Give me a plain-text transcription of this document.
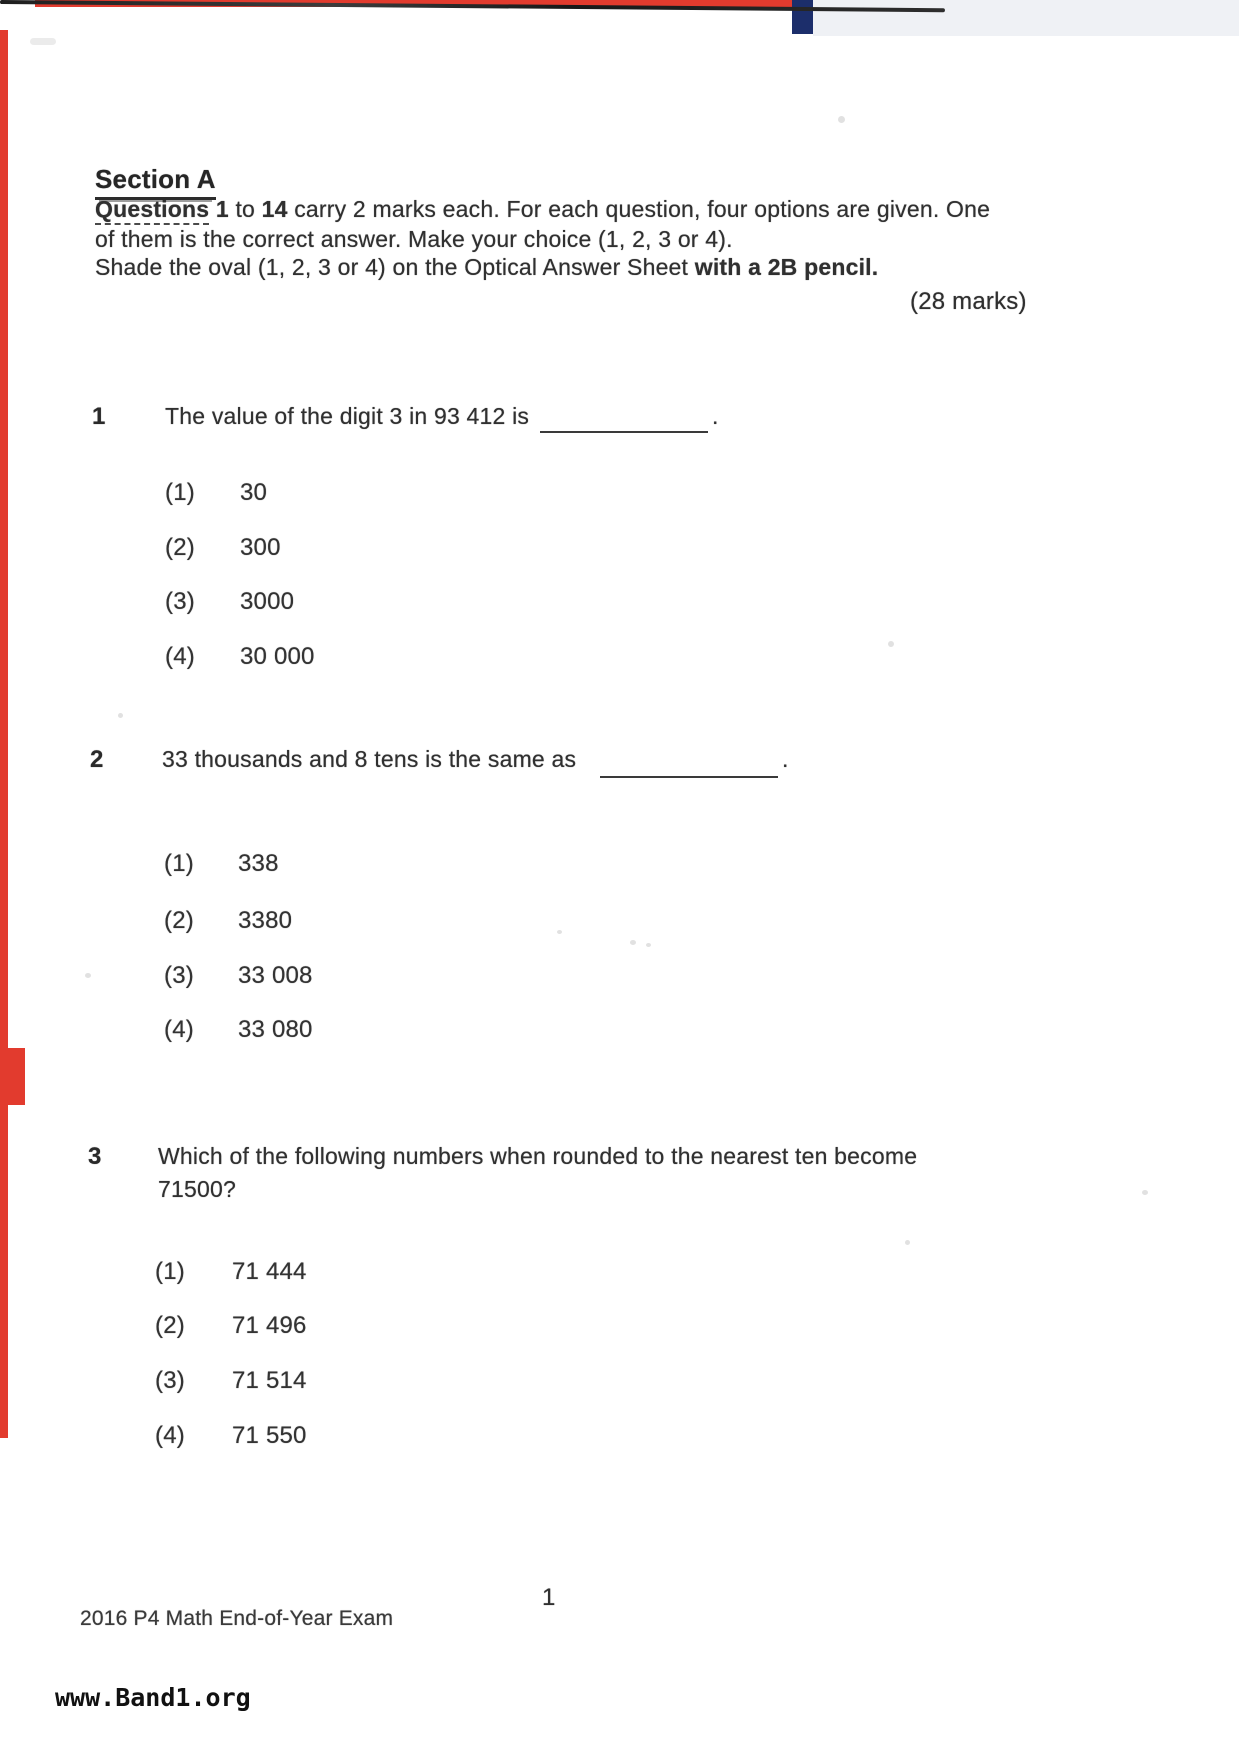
Section A
Questions 1 to 14 carry 2 marks each. For each question, four options are given. One
of them is the correct answer. Make your choice (1, 2, 3 or 4).
Shade the oval (1, 2, 3 or 4) on the Optical Answer Sheet with a 2B pencil.
(28 marks)
1	The value of the digit 3 in 93 412 is	.
(1) 30
(2) 300
(3) 3000
(4) 30 000
2	33 thousands and 8 tens is the same as	.
(1) 338
(2) 3380
(3) 33 008
(4) 33 080
3 Which of the following numbers when rounded to the nearest ten become
71500?
(1) 71 444
(2) 71 496
(3) 71 514
(4) 71 550
1
2016 P4 Math End-of-Year Exam
www.Band1.org
